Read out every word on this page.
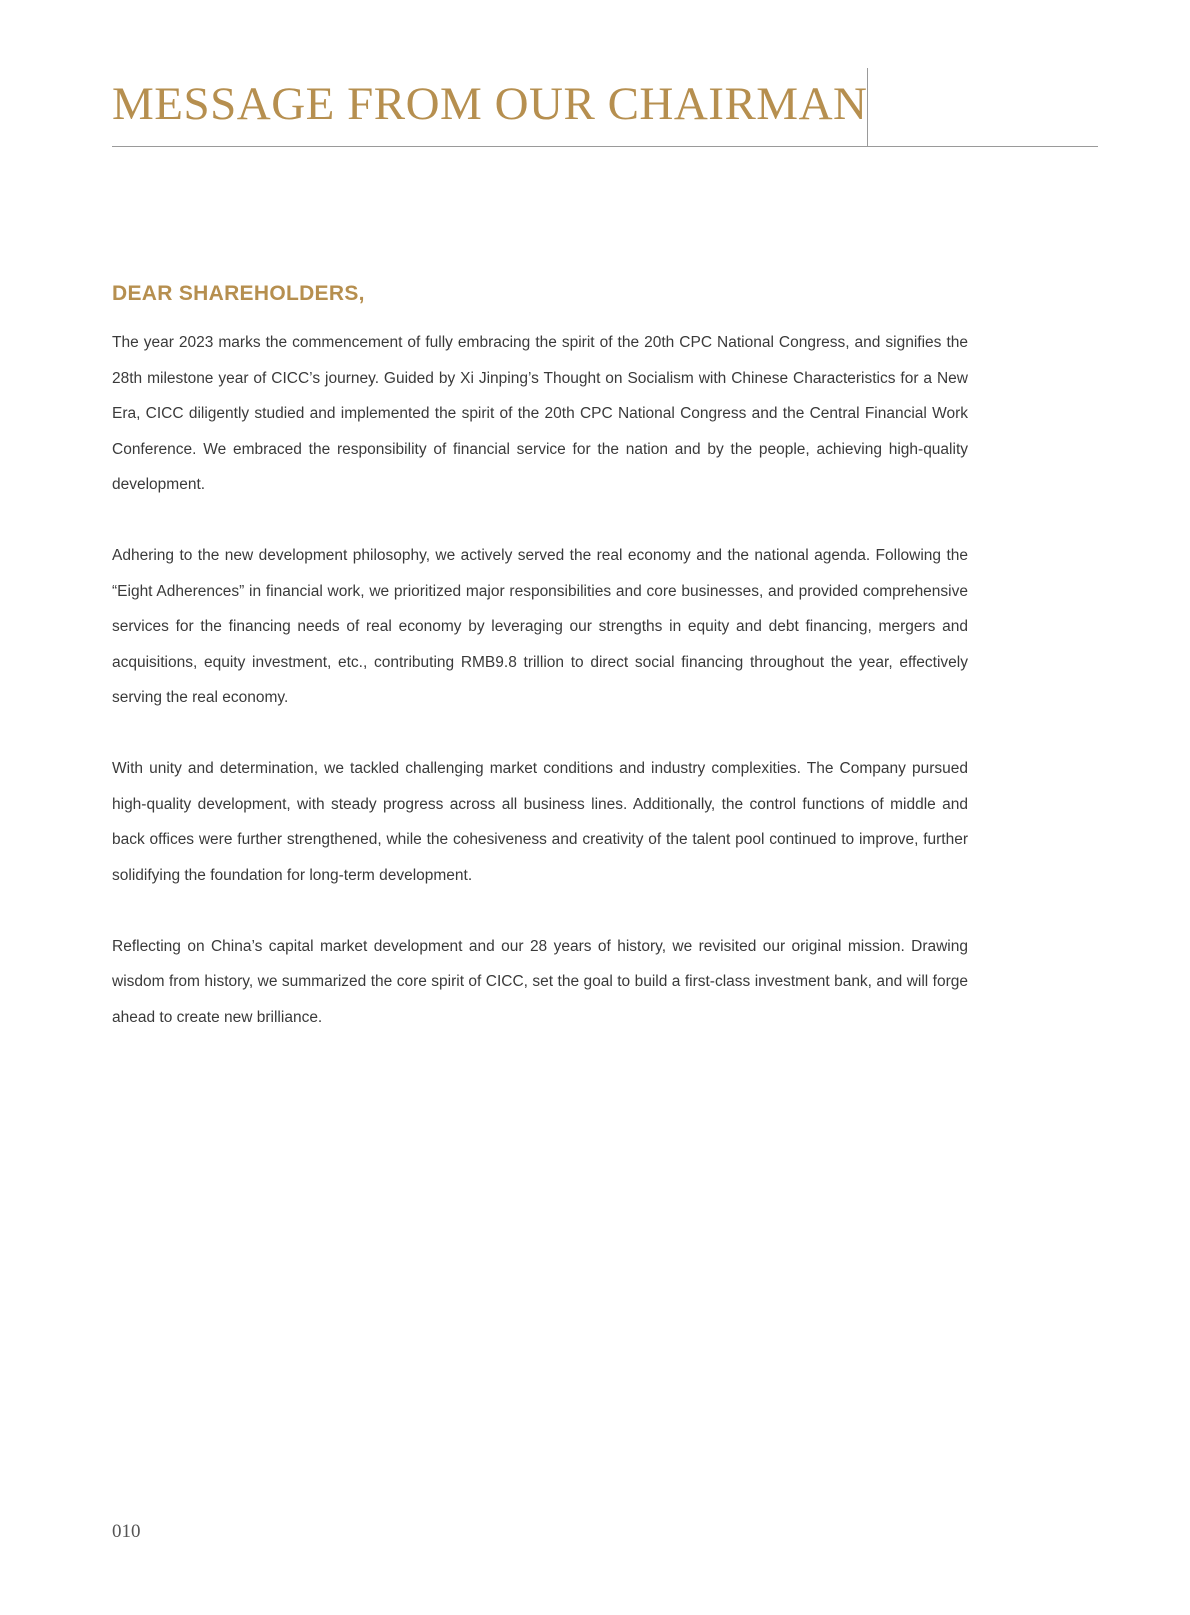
MESSAGE FROM OUR CHAIRMAN
DEAR SHAREHOLDERS,

The year 2023 marks the commencement of fully embracing the spirit of the 20th CPC National Congress, and signifies the 28th milestone year of CICC’s journey. Guided by Xi Jinping’s Thought on Socialism with Chinese Characteristics for a New Era, CICC diligently studied and implemented the spirit of the 20th CPC National Congress and the Central Financial Work Conference. We embraced the responsibility of financial service for the nation and by the people, achieving high-quality development.

Adhering to the new development philosophy, we actively served the real economy and the national agenda. Following the “Eight Adherences” in financial work, we prioritized major responsibilities and core businesses, and provided comprehensive services for the financing needs of real economy by leveraging our strengths in equity and debt financing, mergers and acquisitions, equity investment, etc., contributing RMB9.8 trillion to direct social financing throughout the year, effectively serving the real economy.

With unity and determination, we tackled challenging market conditions and industry complexities. The Company pursued high-quality development, with steady progress across all business lines. Additionally, the control functions of middle and back offices were further strengthened, while the cohesiveness and creativity of the talent pool continued to improve, further solidifying the foundation for long-term development.

Reflecting on China’s capital market development and our 28 years of history, we revisited our original mission. Drawing wisdom from history, we summarized the core spirit of CICC, set the goal to build a first-class investment bank, and will forge ahead to create new brilliance.

010
